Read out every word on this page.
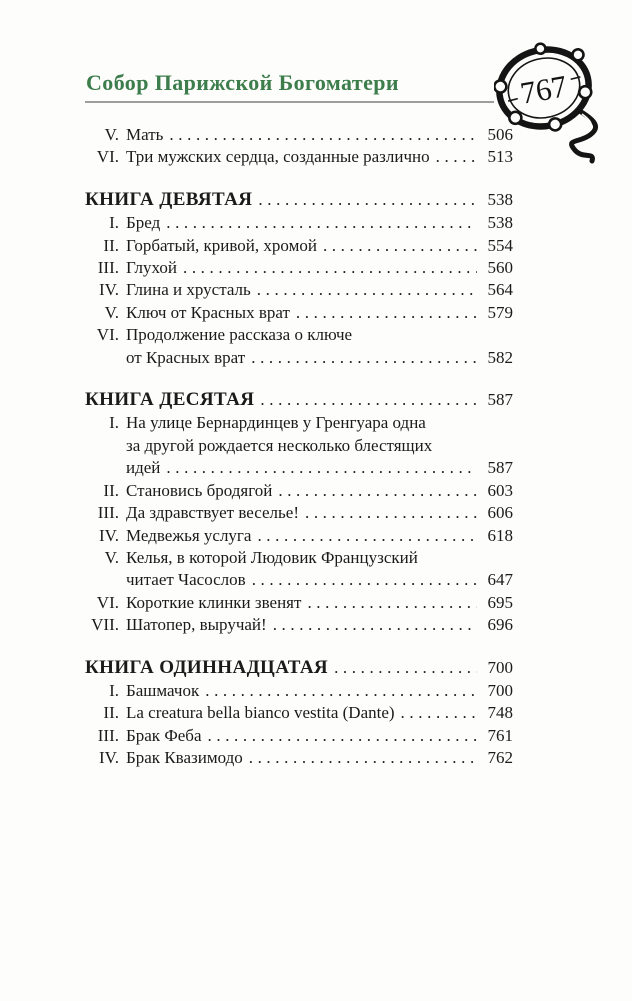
Собор Парижской Богоматери	767
V. Мать .....	506
VI. Три мужских сердца, созданные различно .....	513
КНИГА ДЕВЯТАЯ .....	538
I. Бред .....	538
II. Горбатый, кривой, хромой .....	554
III. Глухой .....	560
IV. Глина и хрусталь .....	564
V. Ключ от Красных врат .....	579
VI. Продолжение рассказа о ключе
от Красных врат .....	582
КНИГА ДЕСЯТАЯ .....	587
I. На улице Бернардинцев у Гренгуара одна
за другой рождается несколько блестящих
идей .....	587
II. Становись бродягой .....	603
III. Да здравствует веселье! .....	606
IV. Медвежья услуга .....	618
V. Келья, в которой Людовик Французский
читает Часослов .....	647
VI. Короткие клинки звенят .....	695
VII. Шатопер, выручай! .....	696
КНИГА ОДИННАДЦАТАЯ .....	700
I. Башмачок .....	700
II. La creatura bella bianco vestita (Dante) .....	748
III. Брак Феба .....	761
IV. Брак Квазимодо .....	762
